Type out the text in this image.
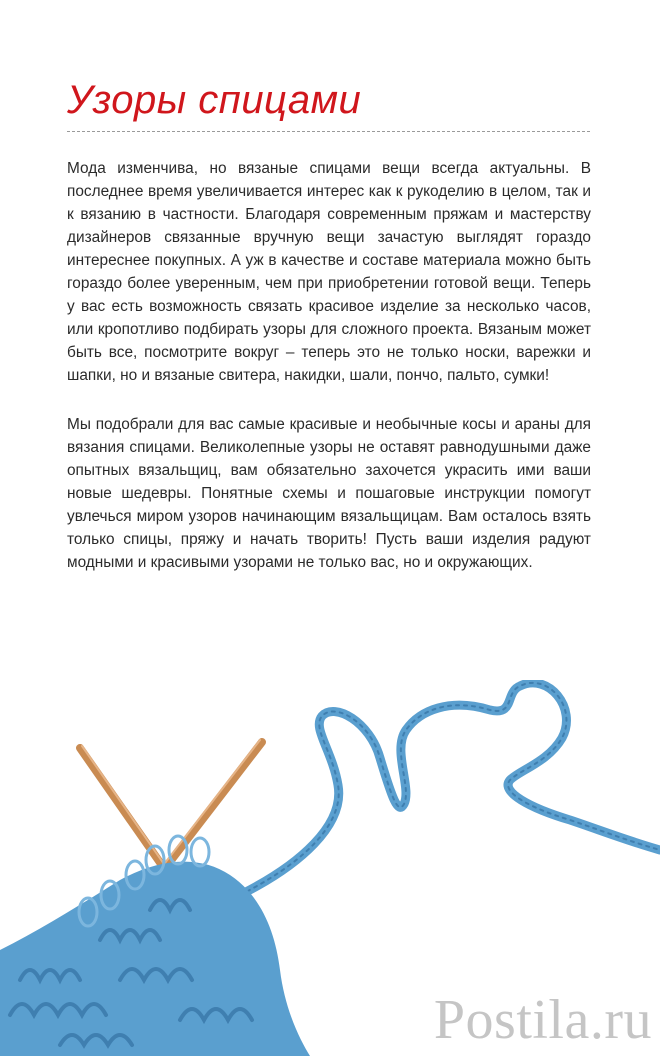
Узоры спицами

Мода изменчива, но вязаные спицами вещи всегда актуальны. В последнее время увеличивается интерес как к рукоделию в целом, так и к вязанию в частности. Благодаря современным пряжам и мастерству дизайнеров связанные вручную вещи зачастую выглядят гораздо интереснее покупных. А уж в качестве и составе материала можно быть гораздо более уверенным, чем при приобретении готовой вещи. Теперь у вас есть возможность связать красивое изделие за несколько часов, или кропотливо подбирать узоры для сложного проекта. Вязаным может быть все, посмотрите вокруг – теперь это не только носки, варежки и шапки, но и вязаные свитера, накидки, шали, пончо, пальто, сумки!

Мы подобрали для вас самые красивые и необычные косы и араны для вязания спицами. Великолепные узоры не оставят равнодушными даже опытных вязальщиц, вам обязательно захочется украсить ими ваши новые шедевры. Понятные схемы и пошаговые инструкции помогут увлечься миром узоров начинающим вязальщицам. Вам осталось взять только спицы, пряжу и начать творить! Пусть ваши изделия радуют модными и красивыми узорами не только вас, но и окружающих.

Postila.ru
